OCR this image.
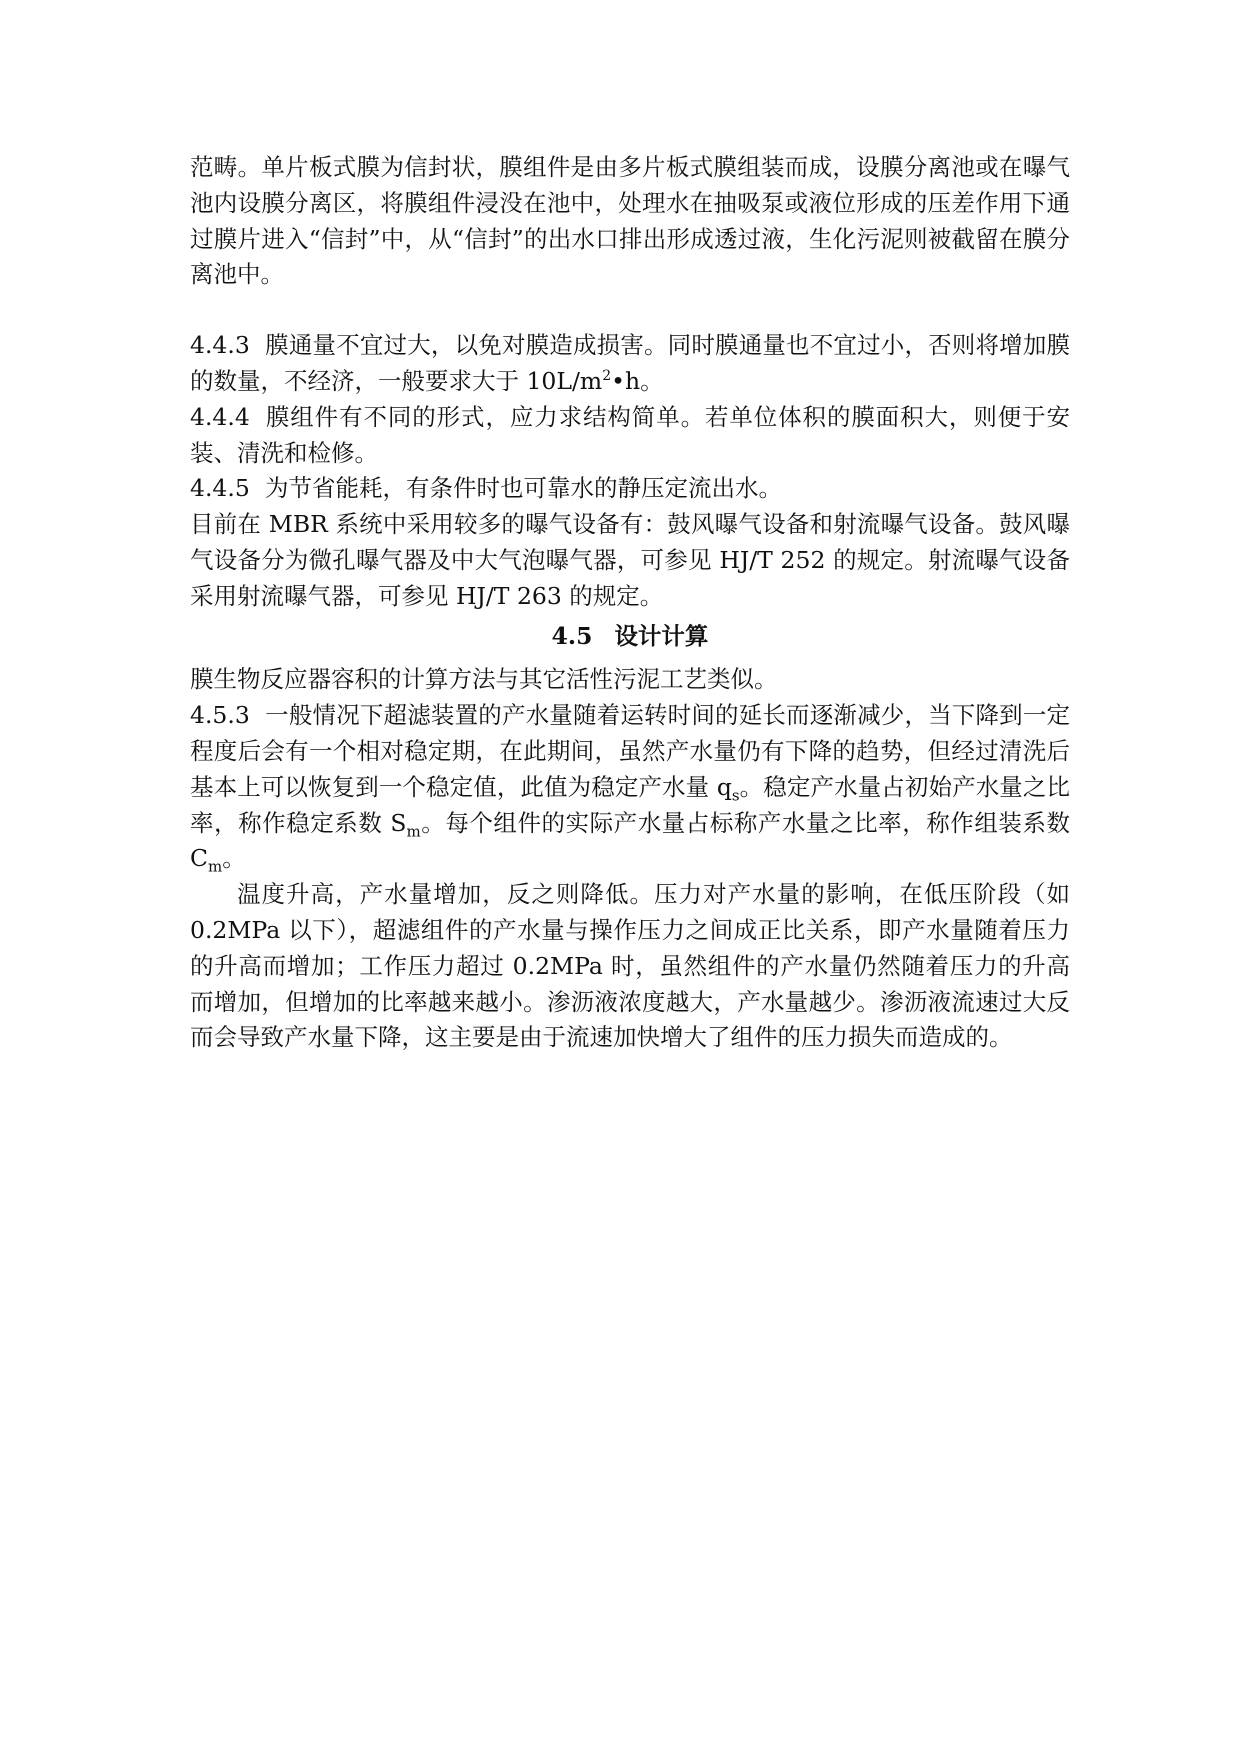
范畴。单片板式膜为信封状，膜组件是由多片板式膜组装而成，设膜分离池或在曝气池内设膜分离区，将膜组件浸没在池中，处理水在抽吸泵或液位形成的压差作用下通过膜片进入“信封”中，从“信封”的出水口排出形成透过液，生化污泥则被截留在膜分离池中。

4.4.3 膜通量不宜过大，以免对膜造成损害。同时膜通量也不宜过小，否则将增加膜的数量，不经济，一般要求大于 $10L/m^2•h$。

4.4.4 膜组件有不同的形式，应力求结构简单。若单位体积的膜面积大，则便于安装、清洗和检修。

4.4.5 为节省能耗，有条件时也可靠水的静压定流出水。

目前在 MBR 系统中采用较多的曝气设备有：鼓风曝气设备和射流曝气设备。鼓风曝气设备分为微孔曝气器及中大气泡曝气器，可参见 HJ/T 252 的规定。射流曝气设备采用射流曝气器，可参见 HJ/T 263 的规定。

4.5 设计计算

膜生物反应器容积的计算方法与其它活性污泥工艺类似。

4.5.3 一般情况下超滤装置的产水量随着运转时间的延长而逐渐减少，当下降到一定程度后会有一个相对稳定期，在此期间，虽然产水量仍有下降的趋势，但经过清洗后基本上可以恢复到一个稳定值，此值为稳定产水量 $q_s$。稳定产水量占初始产水量之比率，称作稳定系数 $S_m$。每个组件的实际产水量占标称产水量之比率，称作组装系数 $C_m$。

温度升高，产水量增加，反之则降低。压力对产水量的影响，在低压阶段（如 0.2MPa 以下），超滤组件的产水量与操作压力之间成正比关系，即产水量随着压力的升高而增加；工作压力超过 0.2MPa 时，虽然组件的产水量仍然随着压力的升高而增加，但增加的比率越来越小。渗沥液浓度越大，产水量越少。渗沥液流速过大反而会导致产水量下降，这主要是由于流速加快增大了组件的压力损失而造成的。
